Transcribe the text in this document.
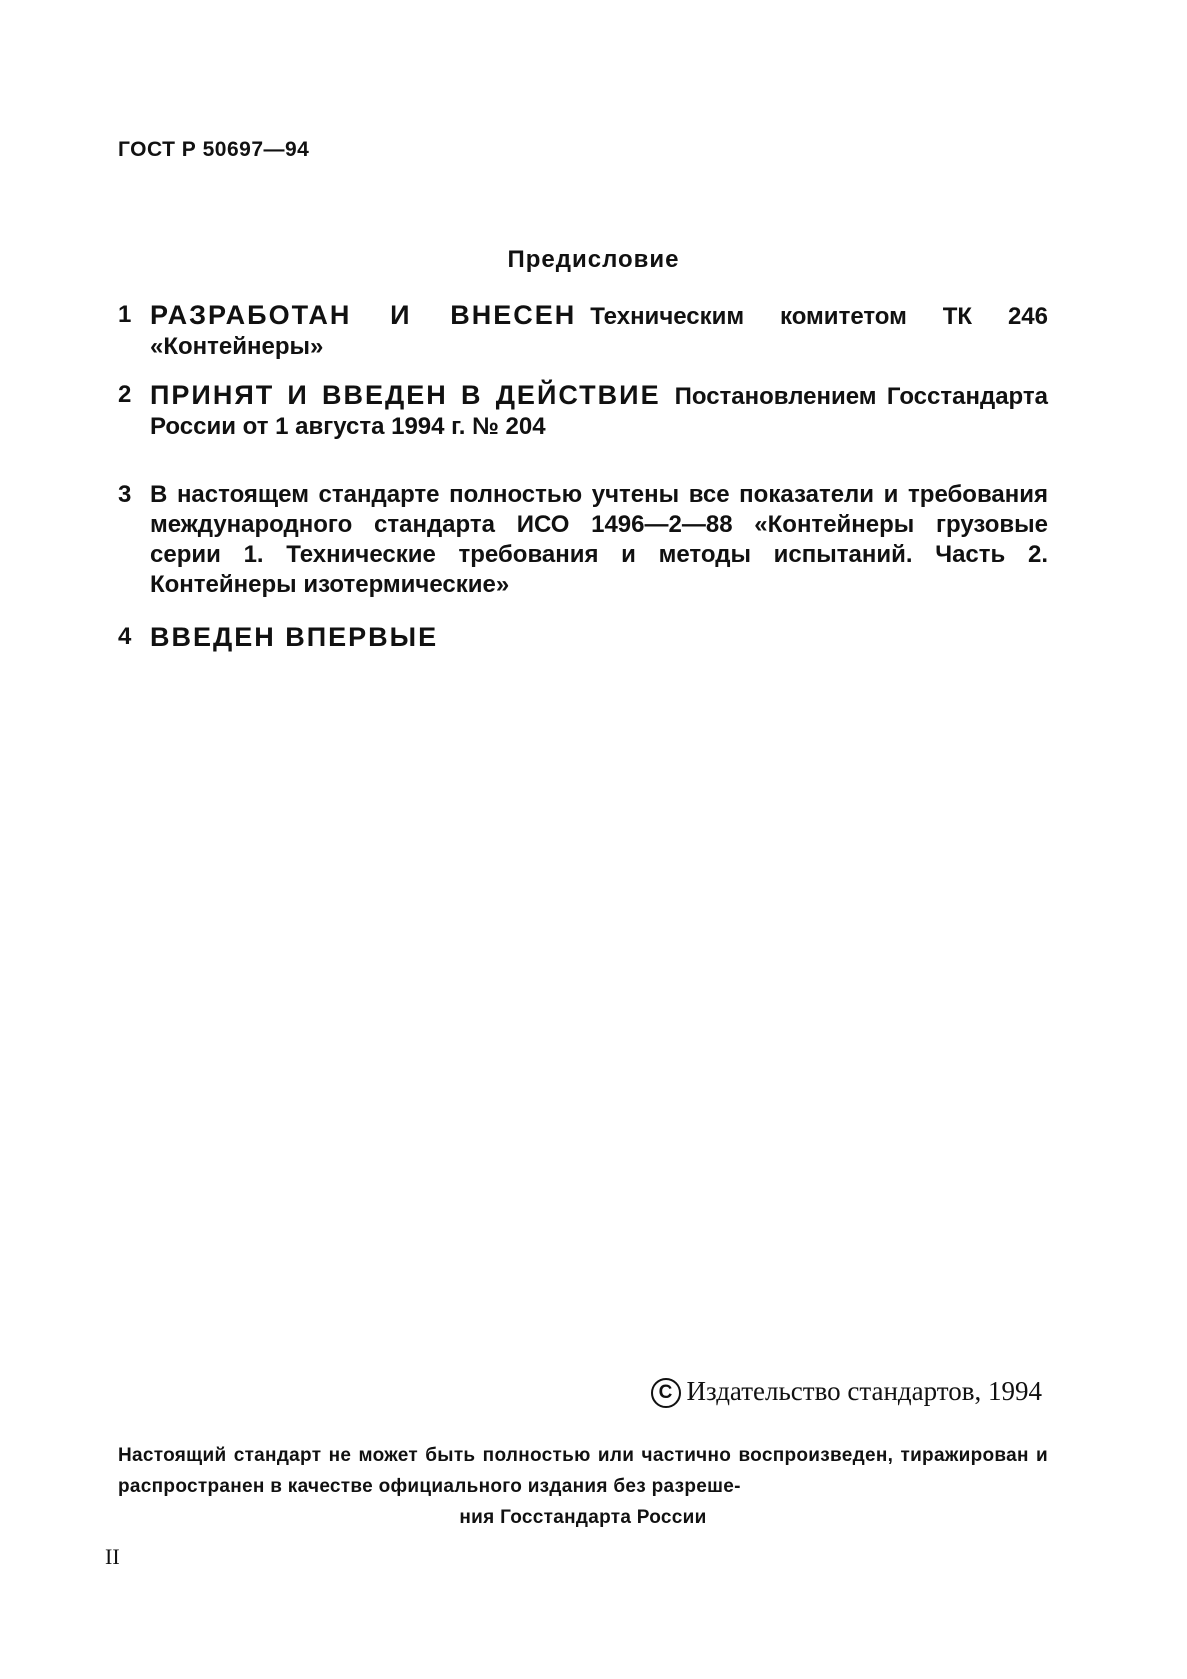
ГОСТ Р 50697—94
Предисловие
1 РАЗРАБОТАН И ВНЕСЕН Техническим комитетом ТК 246 «Контейнеры»
2 ПРИНЯТ И ВВЕДЕН В ДЕЙСТВИЕ Постановлением Госстандарта России от 1 августа 1994 г. № 204
3 В настоящем стандарте полностью учтены все показатели и требования международного стандарта ИСО 1496—2—88 «Контейнеры грузовые серии 1. Технические требования и методы испытаний. Часть 2. Контейнеры изотермические»
4 ВВЕДЕН ВПЕРВЫЕ
C Издательство стандартов, 1994
Настоящий стандарт не может быть полностью или частично воспроизведен, тиражирован и распространен в качестве официального издания без разреше-
ния Госстандарта России
II
